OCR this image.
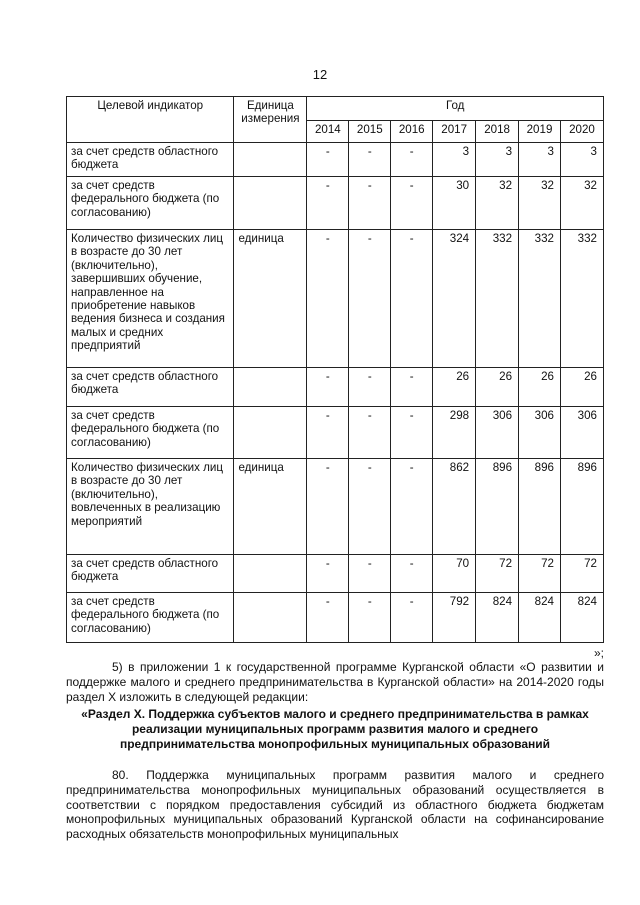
12
Целевой индикатор	Единица измерения	Год						
		2014	2015	2016	2017	2018	2019	2020
за счет средств областного бюджета		-	-	-	3	3	3	3
за счет средств федерального бюджета (по согласованию)		-	-	-	30	32	32	32
Количество физических лиц в возрасте до 30 лет (включительно), завершивших обучение, направленное на приобретение навыков ведения бизнеса и создания малых и средних предприятий	единица	-	-	-	324	332	332	332
за счет средств областного бюджета		-	-	-	26	26	26	26
за счет средств федерального бюджета (по согласованию)		-	-	-	298	306	306	306
Количество физических лиц в возрасте до 30 лет (включительно), вовлеченных в реализацию мероприятий	единица	-	-	-	862	896	896	896
за счет средств областного бюджета		-	-	-	70	72	72	72
за счет средств федерального бюджета (по согласованию)		-	-	-	792	824	824	824
»;
5) в приложении 1 к государственной программе Курганской области «О развитии и поддержке малого и среднего предпринимательства в Курганской области» на 2014-2020 годы раздел X изложить в следующей редакции:
«Раздел X. Поддержка субъектов малого и среднего предпринимательства в рамках реализации муниципальных программ развития малого и среднего предпринимательства монопрофильных муниципальных образований
80. Поддержка муниципальных программ развития малого и среднего предпринимательства монопрофильных муниципальных образований осуществляется в соответствии с порядком предоставления субсидий из областного бюджета бюджетам монопрофильных муниципальных образований Курганской области на софинансирование расходных обязательств монопрофильных муниципальных
